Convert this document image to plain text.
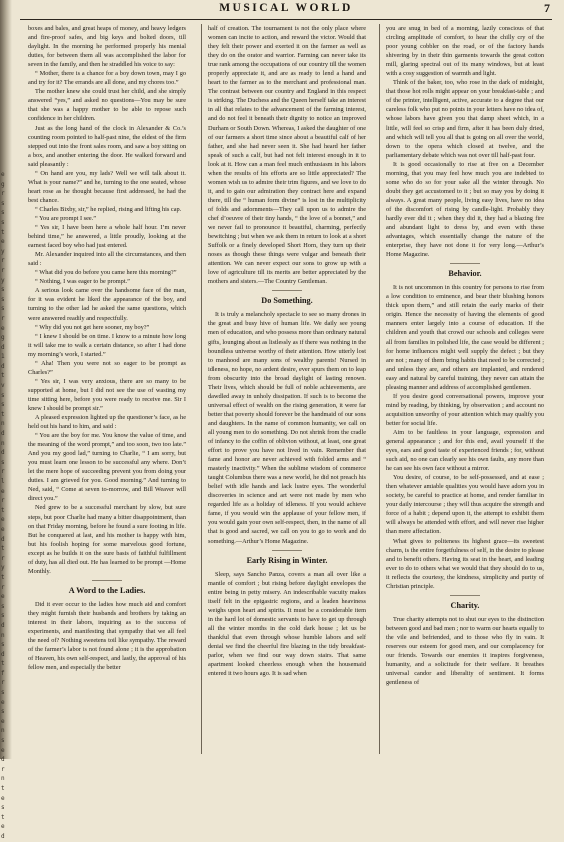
e
g
r
s
s
s
t
e
y
r
r
y
s
s
s
r
e
g
d
1
d
t
v
s
s
t
n
d
n
d
s
r
l
e
r
t
e
e
d
t
r
y
t
r
e
s
s
d
n
s
d
t
f
r
s
e
s
e
n
s
e
d
r
n
t
e
s
t
e
d
MUSICAL WORLD	7

boxes and bales, and great heaps of money, and heavy ledgers and fire-proof safes, and big keys and bolted doors, till daylight. In the morning he performed properly his menial duties, for between them all was accomplished the labor for seven in the family, and then he straddled his voice to say:

“ Mother, there is a chance for a boy down town, may I go and try for it? The errands are all done, and my chores too.”

The mother knew she could trust her child, and she simply answered “yes,” and asked no questions—You may be sure that she was a happy mother to be able to repose such confidence in her children.

Just as the long hand of the clock in Alexander & Co.’s counting room pointed to half-past nine, the eldest of the firm stepped out into the front sales room, and saw a boy sitting on a box, and another entering the door. He walked forward and said pleasantly :

“ On hand are you, my lads? Well we will talk about it. What is your name?” and he, turning to the one seated, whose heart rose as he thought because first addressed, he had the best chance.

“ Charles Bixby, sir,” he replied, rising and lifting his cap.

“ You are prompt I see.”

“ Yes sir, I have been here a whole half hour. I’m never behind time,” he answered, a little proudly, looking at the earnest faced boy who had just entered.

Mr. Alexander inquired into all the circumstances, and then said :

“ What did you do before you came here this morning?”

“ Nothing, I was eager to be prompt.”

A serious look came over the handsome face of the man, for it was evident he liked the appearance of the boy, and turning to the other lad he asked the same questions, which were answered readily and respectfully.

“ Why did you not get here sooner, my boy?”

“ I knew I should be on time. I know to a minute how long it will take me to walk a certain distance, so after I had done my morning’s work, I started.”

“ Aha! Then you were not so eager to be prompt as Charles?”

“ Yes sir, I was very anxious, there are so many to be supported at home, but I did not see the use of wasting my time sitting here, before you were ready to receive me. Sir I knew I should be prompt sir.”

A pleased expression lighted up the questioner’s face, as he held out his hand to him, and said :

“ You are the boy for me. You know the value of time, and the meaning of the word prompt,” and too soon, two too late.” And you my good lad,” turning to Charlie, “ I am sorry, but you must learn one lesson to be successful any where. Don’t let the mere hope of succeeding prevent you from doing your duties. I am grieved for you. Good morning.” And turning to Ned, said, “ Come at seven to-morrow, and Bill Weaver will direct you.”

Ned grew to be a successful merchant by slow, but sure steps, but poor Charlie had many a bitter disappointment, than on that Friday morning, before he found a sure footing in life. But he conquered at last, and his mother is happy with him, but his foolish hoping for some marvelous good fortune, except as he builds it on the sure basis of faithful fulfillment of duty, has all died out. He has learned to be prompt —Home Monthly.

A Word to the Ladies.

Did it ever occur to the ladies how much aid and comfort they might furnish their husbands and brothers by taking an interest in their labors, inquiring as to the success of experiments, and manifesting that sympathy that we all feel the need of? Nothing sweetens toil like sympathy. The reward of the farmer’s labor is not found alone ; it is the approbation of Heaven, his own self-respect, and lastly, the approval of his fellow men, and especially the better

half of creation. The tournament is not the only place where women can incite to action, and reward the victor. Would that they felt their power and exerted it on the farmer as well as they do on the orator and warrior. Farming can never take its true rank among the occupations of our country till the women properly appreciate it, and are as ready to lend a hand and heart to the farmer as to the merchant and professional man. The contrast between our country and England in this respect is striking. The Duchess and the Queen herself take an interest in all that relates to the advancement of the farming interest, and do not feel it beneath their dignity to notice an improved Durham or South Down. Whereas, I asked the daughter of one of our farmers a short time since about a beautiful calf of her father, and she had never seen it. She had heard her father speak of such a calf, but had not felt interest enough in it to look at it. How can a man feel much enthusiasm in his labors when the results of his efforts are so little appreciated? The women wish us to admire their trim figures, and we love to do it, and to gain our admiration they contract here and expand there, till the “ human form divine” is lost in the multiplicity of folds and adornments—They call upon us to admire the chef d’oeuvre of their tiny hands, “ the love of a bonnet,” and we never fail to pronounce it beautiful, charming, perfectly bewitching ; but when we ask them in return to look at a short Suffolk or a finely developed Short Horn, they turn up their noses as though these things were vulgar and beneath their attention. We can never expect our sons to grow up with a love of agriculture till its merits are better appreciated by the mothers and sisters.—The Country Gentleman.

Do Something.

It is truly a melancholy spectacle to see so many drones in the great and busy hive of human life. We daily see young men of education, and who possess more than ordinary natural gifts, lounging about as listlessly as if there was nothing in the boundless universe worthy of their attention. How utterly lost to manhood are many sons of wealthy parents! Nursed in idleness, no hope, no ardent desire, ever spurs them on to leap from obscurity into the broad daylight of lasting renown. Their lives, which should be full of noble achievements, are dawdled away in unholy dissipation. If such is to become the universal effect of wealth on the rising generation, it were far better that poverty should forever be the handmaid of our sons and daughters. In the name of common humanity, we call on all young men to do something. Do not shrink from the cradle of infancy to the coffin of oblivion without, at least, one great effort to prove you have not lived in vain. Remember that fame and honor are never achieved with folded arms and “ masterly inactivity.” When the sublime wisdom of commerce taught Columbus there was a new world, he did not preach his belief with idle hands and lack lustre eyes. The wonderful discoveries in science and art were not made by men who regarded life as a holiday of idleness. If you would achieve fame, if you would win the applause of your fellow men, if you would gain your own self-respect, then, in the name of all that is good and sacred, we call on you to go to work and do something.—Arthur’s Home Magazine.

Early Rising in Winter.

Sleep, says Sancho Panza, covers a man all over like a mantle of comfort ; but rising before daylight envelopes the entire being in petty misery. An indescribable vacuity makes itself felt in the epigastric regions, and a leaden heaviness weighs upon heart and spirits. It must be a considerable item in the hard lot of domestic servants to have to get up through all the winter months in the cold dark house ; let us be thankful that even through whose humble labors and self denial we find the cheerful fire blazing in the tidy breakfast-parlor, when we find our way down stairs. That same apartment looked cheerless enough when the housemaid entered it two hours ago. It is sad when

you are snug in bed of a morning, lazily conscious of that circling amplitude of comfort, to hear the chilly cry of the poor young cobbler on the road, or of the factory hands shivering by in their thin garments towards the great cotton mill, glaring spectral out of its many windows, but at least with a cosy suggestion of warmth and light.

Think of the baker, too, who rose in the dark of midnight, that those hot rolls might appear on your breakfast-table ; and of the printer, intelligent, active, accurate to a degree that our careless folk who put no points in your letters have no idea of, whose labors have given you that damp sheet which, in a little, will feel so crisp and firm, after it has been duly dried, and which will tell you all that is going on all over the world, down to the opera which closed at twelve, and the parliamentary debate which was not over till half-past four.

It is good occasionally to rise at five on a December morning, that you may feel how much you are indebted to some who do so for your sake all the winter through. No doubt they get accustomed to it ; but so may you by doing it always. A great many people, living easy lives, have no idea of the discomfort of rising by candle-light. Probably they hardly ever did it ; when they did it, they had a blazing fire and abundant light to dress by, and even with these advantages, which essentially change the nature of the enterprise, they have not done it for very long.—Arthur’s Home Magazine.

Behavior.

It is not uncommon in this country for persons to rise from a low condition to eminence, and bear their blushing honors thick upon them,” and still retain the early marks of their origin. Hence the necessity of having the elements of good manners enter largely into a course of education. If the children and youth that crowd our schools and colleges were all from families in polished life, the case would be different ; for home influences might well supply the defect ; but they are not ; many of them bring habits that need to be corrected ; and unless they are, and others are implanted, and rendered easy and natural by careful training, they never can attain the pleasing manner and address of accomplished gentlemen.

If you desire good conversational powers, improve your mind by reading, by thinking, by observation ; and account no acquisition unworthy of your attention which may qualify you better for social life.

Aim to be faultless in your language, expression and general appearance ; and for this end, avail yourself if the eyes, ears and good taste of experienced friends ; for, without such aid, no one can clearly see his own faults, any more than he can see his own face without a mirror.

You desire, of course, to be self-possessed, and at ease ; then whatever amiable qualities you would have adorn you in society, be careful to practice at home, and render familiar in your daily intercourse ; they will thus acquire the strength and force of a habit ; depend upon it, the attempt to exhibit them will always be attended with effort, and will never rise higher than mere affectation.

What gives to politeness its highest grace—its sweetest charm, is the entire forgetfulness of self, in the desire to please and to benefit others. Having its seat in the heart, and leading ever to do to others what we would that they should do to us, it reflects the courtesy, the kindness, simplicity and purity of Christian principle.

Charity.

True charity attempts not to shut our eyes to the distinction between good and bad men ; nor to warm our hearts equally to the vile and befriended, and to those who fly in vain. It reserves our esteem for good men, and our complacency for our friends. Towards our enemies it inspires forgiveness, humanity, and a solicitude for their welfare. It breathes universal candor and liberality of sentiment. It forms gentleness of
